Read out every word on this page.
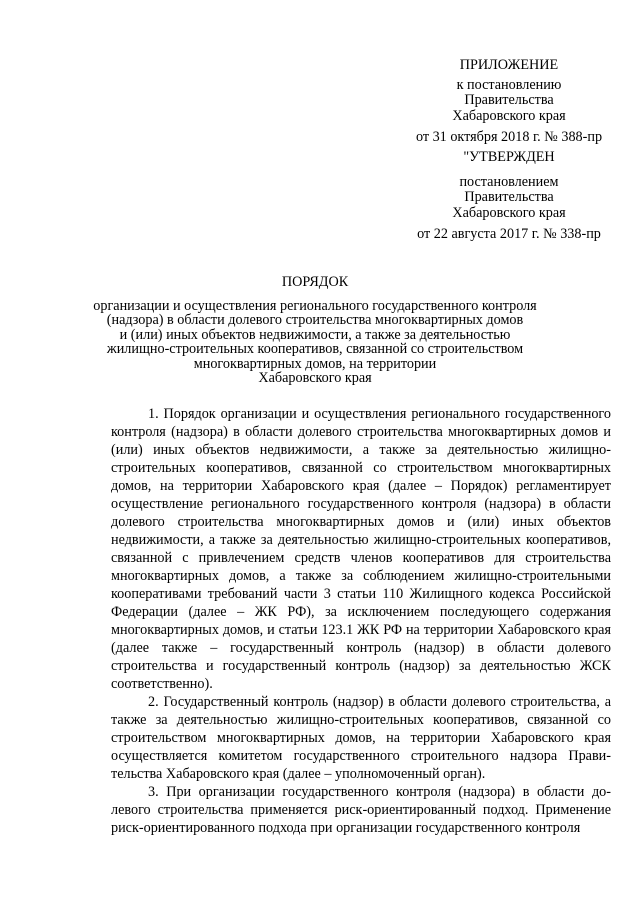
ПРИЛОЖЕНИЕ
к постановлению
Правительства
Хабаровского края
от 31 октября 2018 г. № 388-пр
"УТВЕРЖДЕН
постановлением
Правительства
Хабаровского края
от 22 августа 2017 г. № 338-пр
ПОРЯДОК
организации и осуществления регионального государственного контроля
(надзора) в области долевого строительства многоквартирных домов
и (или) иных объектов недвижимости, а также за деятельностью
жилищно-строительных кооперативов, связанной со строительством
многоквартирных домов, на территории
Хабаровского края

1. Порядок организации и осуществления регионального государственного контроля (надзора) в области долевого строительства многоквартирных домов и (или) иных объектов недвижимости, а также за деятельностью жилищно-строительных кооперативов, связанной со строительством многоквартирных домов, на территории Хабаровского края (далее – Порядок) регламентирует осуществление регионального государственного контроля (надзора) в области долевого строительства многоквартирных домов и (или) иных объектов недвижимости, а также за деятельностью жилищно-строительных кооперативов, связанной с привлечением средств членов кооперативов для строительства многоквартирных домов, а также за соблюдением жилищно-строительными кооперативами требований части 3 статьи 110 Жилищного кодекса Российской Федерации (далее – ЖК РФ), за исключением последующего содержания многоквартирных домов, и статьи 123.1 ЖК РФ на территории Хабаровского края (далее также – государственный контроль (надзор) в области долевого строительства и государственный контроль (надзор) за деятельностью ЖСК соответственно).

2. Государственный контроль (надзор) в области долевого строительства, а также за деятельностью жилищно-строительных кооперативов, связанной со строительством многоквартирных домов, на территории Хабаровского края осуществляется комитетом государственного строительного надзора Правительства Хабаровского края (далее – уполномоченный орган).

3. При организации государственного контроля (надзора) в области долевого строительства применяется риск-ориентированный подход. Применение риск-ориентированного подхода при организации государственного контроля
